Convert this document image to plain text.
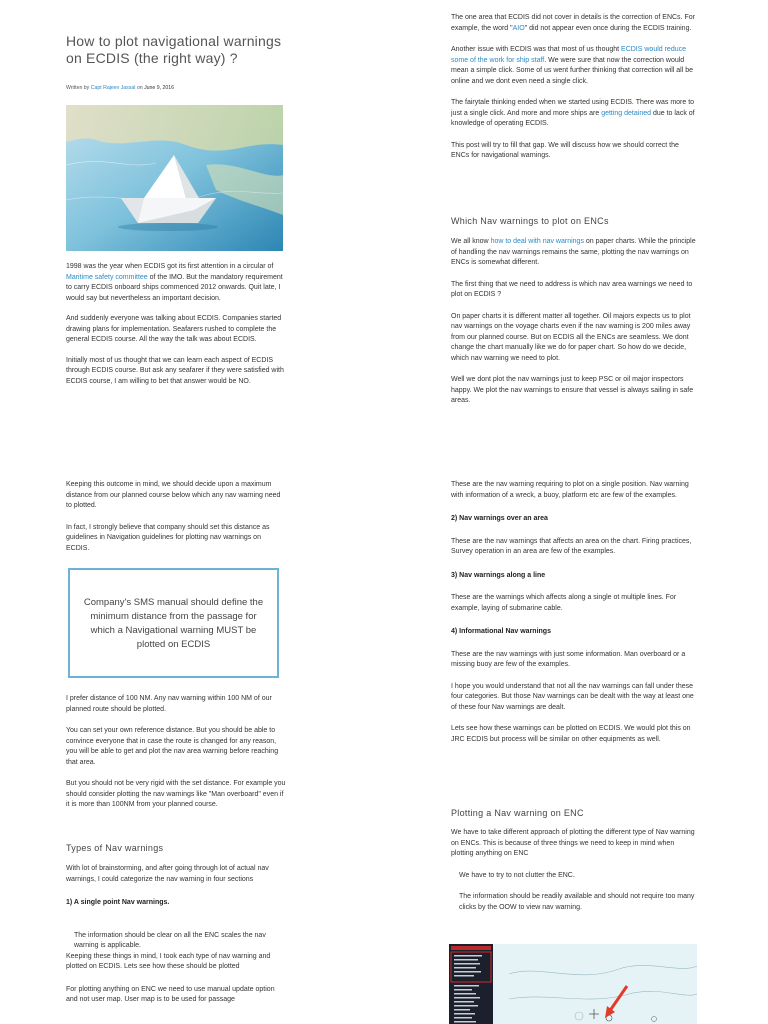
How to plot navigational warnings on ECDIS (the right way) ?
Written by Capt Rajeev Jassal on June 9, 2016

1998 was the year when ECDIS got its first attention in a circular of Maritime safety committee of the IMO. But the mandatory requirement to carry ECDIS onboard ships commenced 2012 onwards. Quit late, I would say but nevertheless an important decision.

And suddenly everyone was talking about ECDIS. Companies started drawing plans for implementation. Seafarers rushed to complete the general ECDIS course. All the way the talk was about ECDIS.

Initially most of us thought that we can learn each aspect of ECDIS through ECDIS course. But ask any seafarer if they were satisfied with ECDIS course, I am willing to bet that answer would be NO.

The one area that ECDIS did not cover in details is the correction of ENCs. For example, the word "AIO" did not appear even once during the ECDIS training.

Another issue with ECDIS was that most of us thought ECDIS would reduce some of the work for ship staff. We were sure that now the correction would mean a simple click. Some of us went further thinking that correction will all be online and we dont even need a single click.

The fairytale thinking ended when we started using ECDIS. There was more to just a single click. And more and more ships are getting detained due to lack of knowledge of operating ECDIS.

This post will try to fill that gap. We will discuss how we should correct the ENCs for navigational warnings.

Which Nav warnings to plot on ENCs

We all know how to deal with nav warnings on paper charts. While the principle of handling the nav warnings remains the same, plotting the nav warnings on ENCs is somewhat different.

The first thing that we need to address is which nav area warnings we need to plot on ECDIS ?

On paper charts it is different matter all together. Oil majors expects us to plot nav warnings on the voyage charts even if the nav warning is 200 miles away from our planned course. But on ECDIS all the ENCs are seamless. We dont change the chart manually like we do for paper chart. So how do we decide, which nav warning we need to plot.

Well we dont plot the nav warnings just to keep PSC or oil major inspectors happy. We plot the nav warnings to ensure that vessel is always sailing in safe areas.

Keeping this outcome in mind, we should decide upon a maximum distance from our planned course below which any nav warning need to plotted.

In fact, I strongly believe that company should set this distance as guidelines in Navigation guidelines for plotting nav warnings on ECDIS.

Company's SMS manual should define the minimum distance from the passage for which a Navigational warning MUST be plotted on ECDIS

I prefer distance of 100 NM. Any nav warning within 100 NM of our planned route should be plotted.

You can set your own reference distance. But you should be able to convince everyone that in case the route is changed for any reason, you will be able to get and plot the nav area warning before reaching that area.

But you should not be very rigid with the set distance. For example you should consider plotting the nav warnings like "Man overboard" even if it is more than 100NM from your planned course.

Types of Nav warnings

With lot of brainstorming, and after going through lot of actual nav warnings, I could categorize the nav warning in four sections

1) A single point Nav warnings.

The information should be clear on all the ENC scales the nav warning is applicable.

Keeping these things in mind, I took each type of nav warning and plotted on ECDIS. Lets see how these should be plotted

For plotting anything on ENC we need to use manual update option and not user map. User map is to be used for passage

These are the nav warning requiring to plot on a single position. Nav warning with information of a wreck, a buoy, platform etc are few of the examples.

2) Nav warnings over an area

These are the nav warnings that affects an area on the chart. Firing practices, Survey operation in an area are few of the examples.

3) Nav warnings along a line

These are the warnings which affects along a single ot multiple lines. For example, laying of submarine cable.

4) Informational Nav warnings

These are the nav warnings with just some information. Man overboard or a missing buoy are few of the examples.

I hope you would understand that not all the nav warnings can fall under these four categories. But those Nav warnings can be dealt with the way at least one of these four Nav warnings are dealt.

Lets see how these warnings can be plotted on ECDIS. We would plot this on JRC ECDIS but process will be similar on other equipments as well.

Plotting a Nav warning on ENC

We have to take different approach of plotting the different type of Nav warning on ENCs. This is because of three things we need to keep in mind when plotting anything on ENC

We have to try to not clutter the ENC.

The information should be readily available and should not require too many clicks by the OOW to view nav warning.
